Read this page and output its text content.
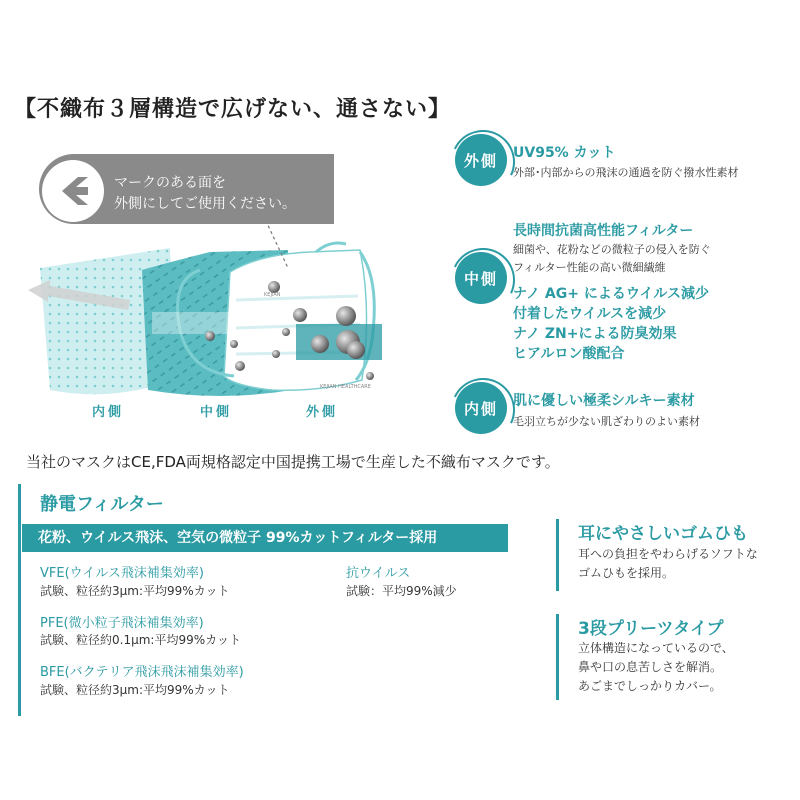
【不織布３層構造で広げない、通さない】
KEJIAN
KEJIAN HEALTHCARE
マークのある面を
外側にしてご使用ください。
内側	中側	外側
外側	UV95% カット
外部･内部からの飛沫の通過を防ぐ撥水性素材
中側
長時間抗菌高性能フィルター
細菌や、花粉などの微粒子の侵入を防ぐ
フィルター性能の高い微細繊維
ナノ AG+ によるウイルス減少
付着したウイルスを減少
ナノ ZN+による防臭効果
ヒアルロン酸配合
内側	肌に優しい極柔シルキー素材
毛羽立ちが少ない肌ざわりのよい素材
当社のマスクはCE,FDA両規格認定中国提携工場で生産した不織布マスクです。
静電フィルター
花粉、ウイルス飛沫、空気の微粒子 99%カットフィルター採用
VFE(ウイルス飛沫補集効率)
試験、粒径約3μm:平均99%カット
PFE(微小粒子飛沫補集効率)
試験、粒径約0.1μm:平均99%カット
BFE(バクテリア飛沫飛沫補集効率)
試験、粒径約3μm:平均99%カット
抗ウイルス
試験：平均99%減少
耳にやさしいゴムひも
耳への負担をやわらげるソフトな
ゴムひもを採用。
3段プリーツタイプ
立体構造になっているので、
鼻や口の息苦しさを解消。
あごまでしっかりカバー。
